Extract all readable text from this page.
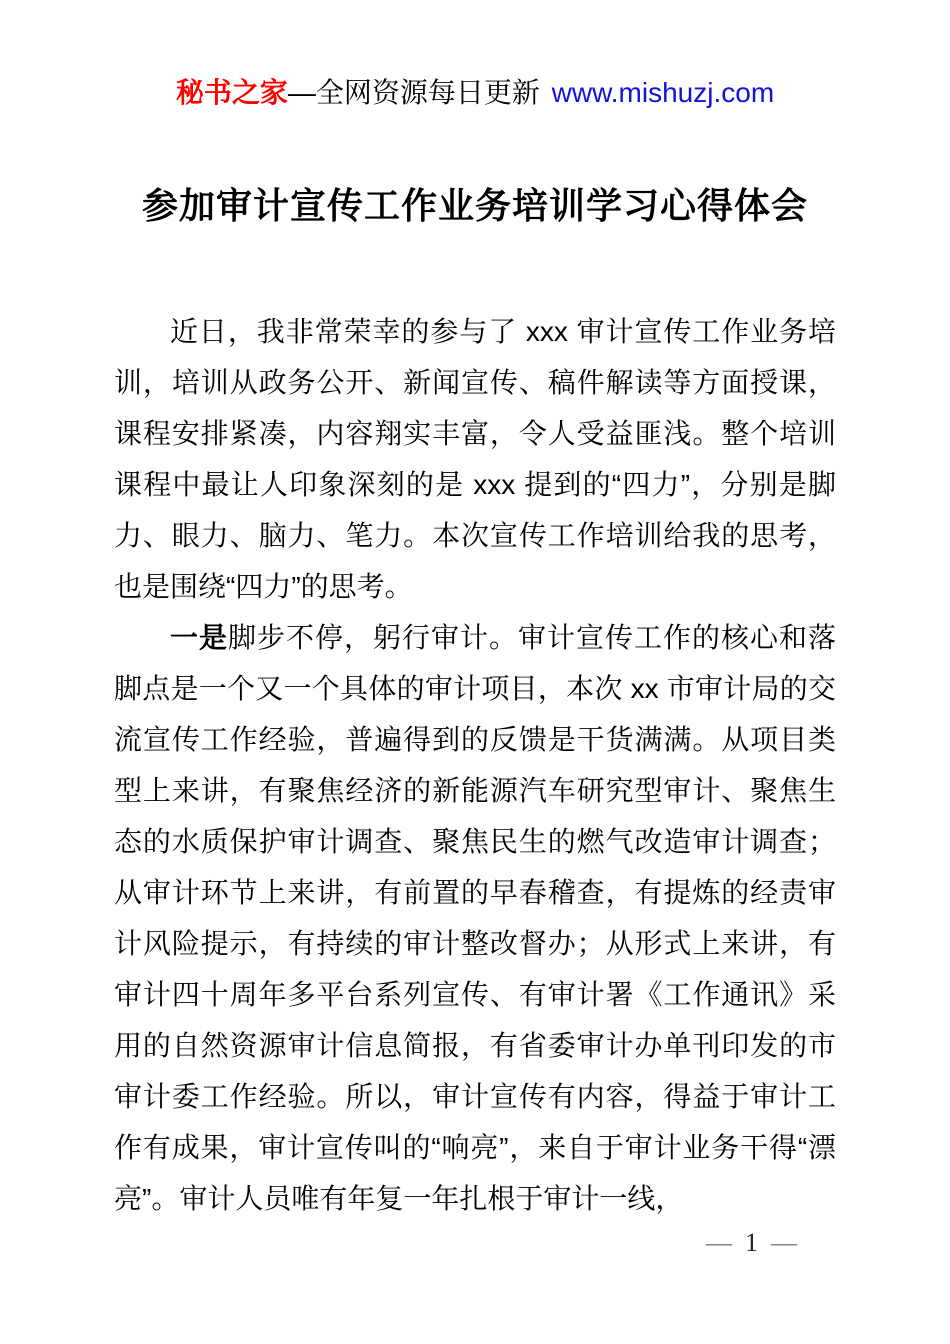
秘书之家—全网资源每日更新 www.mishuzj.com
参加审计宣传工作业务培训学习心得体会

近日，我非常荣幸的参与了 xxx 审计宣传工作业务培训，培训从政务公开、新闻宣传、稿件解读等方面授课，课程安排紧凑，内容翔实丰富，令人受益匪浅。整个培训课程中最让人印象深刻的是 xxx 提到的“四力”，分别是脚力、眼力、脑力、笔力。本次宣传工作培训给我的思考，也是围绕“四力”的思考。

一是脚步不停，躬行审计。审计宣传工作的核心和落脚点是一个又一个具体的审计项目，本次 xx 市审计局的交流宣传工作经验，普遍得到的反馈是干货满满。从项目类型上来讲，有聚焦经济的新能源汽车研究型审计、聚焦生态的水质保护审计调查、聚焦民生的燃气改造审计调查；从审计环节上来讲，有前置的早春稽查，有提炼的经责审计风险提示，有持续的审计整改督办；从形式上来讲，有审计四十周年多平台系列宣传、有审计署《工作通讯》采用的自然资源审计信息简报，有省委审计办单刊印发的市审计委工作经验。所以，审计宣传有内容，得益于审计工作有成果，审计宣传叫的“响亮”，来自于审计业务干得“漂亮”。审计人员唯有年复一年扎根于审计一线，

— 1 —
